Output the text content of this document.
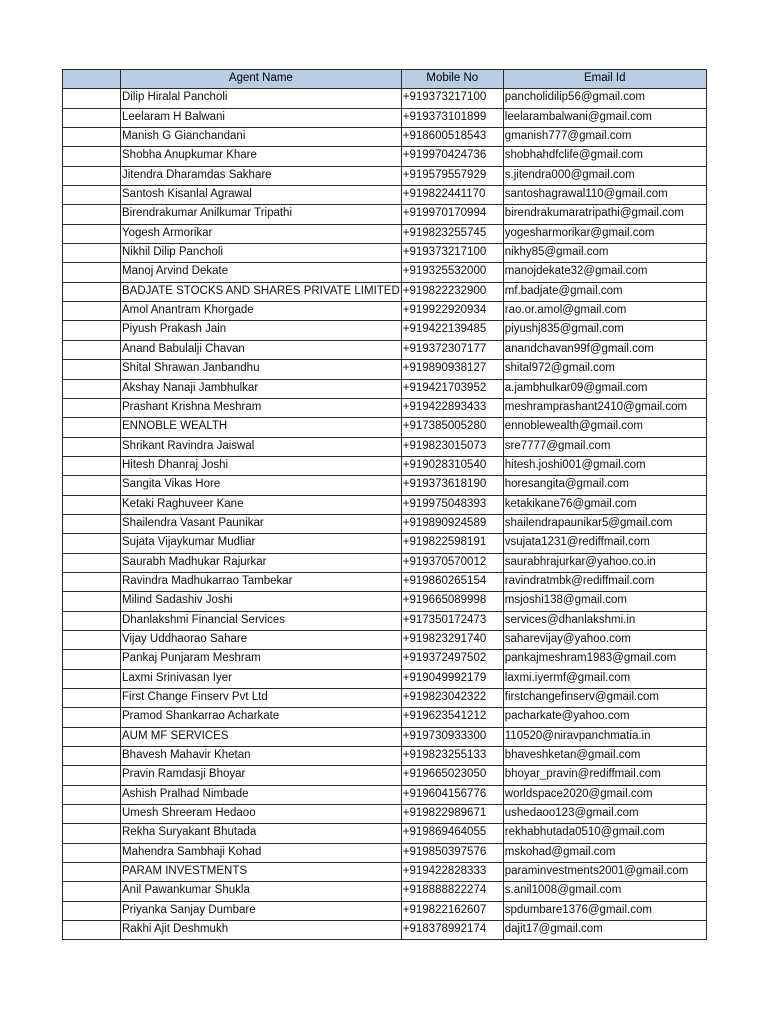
	Agent Name	Mobile No	Email Id
	Dilip Hiralal Pancholi	+919373217100	pancholidilip56@gmail.com
	Leelaram H Balwani	+919373101899	leelarambalwani@gmail.com
	Manish G Gianchandani	+918600518543	gmanish777@gmail.com
	Shobha Anupkumar Khare	+919970424736	shobhahdfclife@gmail.com
	Jitendra Dharamdas Sakhare	+919579557929	s.jitendra000@gmail.com
	Santosh Kisanlal Agrawal	+919822441170	santoshagrawal110@gmail.com
	Birendrakumar Anilkumar Tripathi	+919970170994	birendrakumaratripathi@gmail.com
	Yogesh Armorikar	+919823255745	yogesharmorikar@gmail.com
	Nikhil Dilip Pancholi	+919373217100	nikhy85@gmail.com
	Manoj Arvind Dekate	+919325532000	manojdekate32@gmail.com
	BADJATE STOCKS AND SHARES PRIVATE LIMITED	+919822232900	mf.badjate@gmail.com
	Amol Anantram Khorgade	+919922920934	rao.or.amol@gmail.com
	Piyush Prakash Jain	+919422139485	piyushj835@gmail.com
	Anand Babulalji Chavan	+919372307177	anandchavan99f@gmail.com
	Shital Shrawan Janbandhu	+919890938127	shital972@gmail.com
	Akshay Nanaji Jambhulkar	+919421703952	a.jambhulkar09@gmail.com
	Prashant Krishna Meshram	+919422893433	meshramprashant2410@gmail.com
	ENNOBLE WEALTH	+917385005280	ennoblewealth@gmail.com
	Shrikant Ravindra Jaiswal	+919823015073	sre7777@gmail.com
	Hitesh Dhanraj Joshi	+919028310540	hitesh.joshi001@gmail.com
	Sangita Vikas Hore	+919373618190	horesangita@gmail.com
	Ketaki Raghuveer Kane	+919975048393	ketakikane76@gmail.com
	Shailendra Vasant Paunikar	+919890924589	shailendrapaunikar5@gmail.com
	Sujata Vijaykumar Mudliar	+919822598191	vsujata1231@rediffmail.com
	Saurabh Madhukar Rajurkar	+919370570012	saurabhrajurkar@yahoo.co.in
	Ravindra Madhukarrao Tambekar	+919860265154	ravindratmbk@rediffmail.com
	Milind Sadashiv Joshi	+919665089998	msjoshi138@gmail.com
	Dhanlakshmi Financial Services	+917350172473	services@dhanlakshmi.in
	Vijay Uddhaorao Sahare	+919823291740	saharevijay@yahoo.com
	Pankaj Punjaram Meshram	+919372497502	pankajmeshram1983@gmail.com
	Laxmi Srinivasan Iyer	+919049992179	laxmi.iyermf@gmail.com
	First Change Finserv Pvt Ltd	+919823042322	firstchangefinserv@gmail.com
	Pramod Shankarrao Acharkate	+919623541212	pacharkate@yahoo.com
	AUM MF SERVICES	+919730933300	110520@niravpanchmatia.in
	Bhavesh Mahavir Khetan	+919823255133	bhaveshketan@gmail.com
	Pravin Ramdasji Bhoyar	+919665023050	bhoyar_pravin@rediffmail.com
	Ashish Pralhad Nimbade	+919604156776	worldspace2020@gmail.com
	Umesh Shreeram Hedaoo	+919822989671	ushedaoo123@gmail.com
	Rekha Suryakant Bhutada	+919869464055	rekhabhutada0510@gmail.com
	Mahendra Sambhaji Kohad	+919850397576	mskohad@gmail.com
	PARAM INVESTMENTS	+919422828333	paraminvestments2001@gmail.com
	Anil Pawankumar Shukla	+918888822274	s.anil1008@gmail.com
	Priyanka Sanjay Dumbare	+919822162607	spdumbare1376@gmail.com
	Rakhi Ajit Deshmukh	+918378992174	dajit17@gmail.com
